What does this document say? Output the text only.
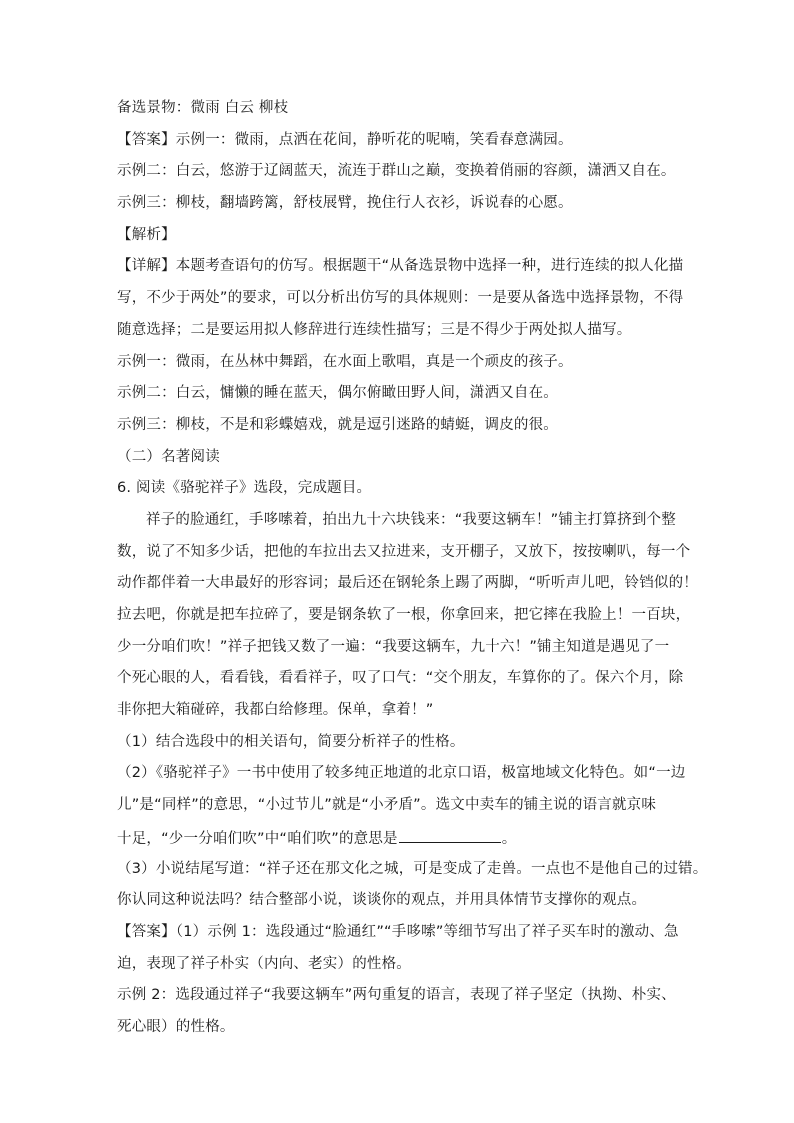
备选景物：微雨 白云 柳枝
【答案】示例一：微雨，点洒在花间，静听花的呢喃，笑看春意满园。
示例二：白云，悠游于辽阔蓝天，流连于群山之巅，变换着俏丽的容颜，潇洒又自在。
示例三：柳枝，翻墙跨篱，舒枝展臂，挽住行人衣衫，诉说春的心愿。
【解析】
【详解】本题考查语句的仿写。根据题干“从备选景物中选择一种，进行连续的拟人化描
写，不少于两处”的要求，可以分析出仿写的具体规则：一是要从备选中选择景物，不得
随意选择；二是要运用拟人修辞进行连续性描写；三是不得少于两处拟人描写。
示例一：微雨，在丛林中舞蹈，在水面上歌唱，真是一个顽皮的孩子。
示例二：白云，慵懒的睡在蓝天，偶尔俯瞰田野人间，潇洒又自在。
示例三：柳枝，不是和彩蝶嬉戏，就是逗引迷路的蜻蜓，调皮的很。
（二）名著阅读
6. 阅读《骆驼祥子》选段，完成题目。
祥子的脸通红，手哆嗦着，拍出九十六块钱来：“我要这辆车！”铺主打算挤到个整
数，说了不知多少话，把他的车拉出去又拉进来，支开棚子，又放下，按按喇叭，每一个
动作都伴着一大串最好的形容词；最后还在钢轮条上踢了两脚，“听听声儿吧，铃铛似的！
拉去吧，你就是把车拉碎了，要是钢条软了一根，你拿回来，把它摔在我脸上！一百块，
少一分咱们吹！”祥子把钱又数了一遍：“我要这辆车，九十六！”铺主知道是遇见了一
个死心眼的人，看看钱，看看祥子，叹了口气：“交个朋友，车算你的了。保六个月，除
非你把大箱碰碎，我都白给修理。保单，拿着！”
（1）结合选段中的相关语句，简要分析祥子的性格。
（2）《骆驼祥子》一书中使用了较多纯正地道的北京口语，极富地域文化特色。如“一边
儿”是“同样”的意思，“小过节儿”就是“小矛盾”。选文中卖车的铺主说的语言就京味
十足，“少一分咱们吹”中“咱们吹”的意思是	。
（3）小说结尾写道：“祥子还在那文化之城，可是变成了走兽。一点也不是他自己的过错。
你认同这种说法吗？结合整部小说，谈谈你的观点，并用具体情节支撑你的观点。
【答案】（1）示例 1：选段通过“脸通红”“手哆嗦”等细节写出了祥子买车时的激动、急
迫，表现了祥子朴实（内向、老实）的性格。
示例 2：选段通过祥子“我要这辆车”两句重复的语言，表现了祥子坚定（执拗、朴实、
死心眼）的性格。
